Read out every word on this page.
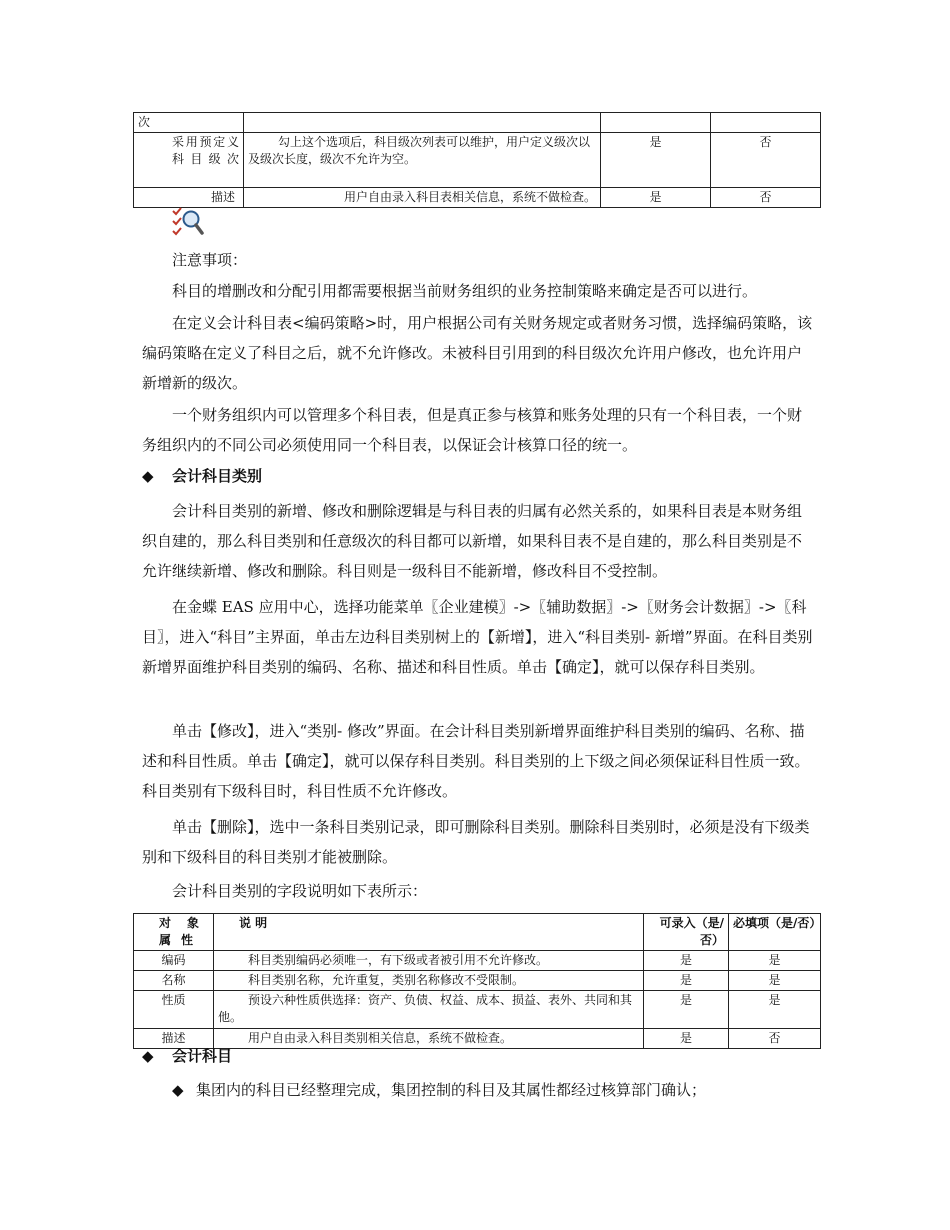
次			
采用预定义科目级次	勾上这个选项后，科目级次列表可以维护，用户定义级次以及级次长度，级次不允许为空。	是	否
描述	用户自由录入科目表相关信息，系统不做检查。	是	否
注意事项：
科目的增删改和分配引用都需要根据当前财务组织的业务控制策略来确定是否可以进行。
在定义会计科目表<编码策略>时，用户根据公司有关财务规定或者财务习惯，选择编码策略，该编码策略在定义了科目之后，就不允许修改。未被科目引用到的科目级次允许用户修改，也允许用户新增新的级次。
一个财务组织内可以管理多个科目表，但是真正参与核算和账务处理的只有一个科目表，一个财务组织内的不同公司必须使用同一个科目表，以保证会计核算口径的统一。
◆ 会计科目类别
会计科目类别的新增、修改和删除逻辑是与科目表的归属有必然关系的，如果科目表是本财务组织自建的，那么科目类别和任意级次的科目都可以新增，如果科目表不是自建的，那么科目类别是不允许继续新增、修改和删除。科目则是一级科目不能新增，修改科目不受控制。
在金蝶 EAS 应用中心，选择功能菜单〖企业建模〗->〖辅助数据〗->〖财务会计数据〗->〖科目〗，进入“科目”主界面，单击左边科目类别树上的【新增】，进入“科目类别- 新增”界面。在科目类别新增界面维护科目类别的编码、名称、描述和科目性质。单击【确定】，就可以保存科目类别。
单击【修改】，进入“类别- 修改”界面。在会计科目类别新增界面维护科目类别的编码、名称、描述和科目性质。单击【确定】，就可以保存科目类别。科目类别的上下级之间必须保证科目性质一致。科目类别有下级科目时，科目性质不允许修改。
单击【删除】，选中一条科目类别记录，即可删除科目类别。删除科目类别时，必须是没有下级类别和下级科目的科目类别才能被删除。
会计科目类别的字段说明如下表所示：
对象属性	说 明	可录入（是/否）	必填项（是/否）
编码	科目类别编码必须唯一，有下级或者被引用不允许修改。	是	是
名称	科目类别名称，允许重复，类别名称修改不受限制。	是	是
性质	预设六种性质供选择：资产、负债、权益、成本、损益、表外、共同和其他。	是	是
描述	用户自由录入科目类别相关信息，系统不做检查。	是	否
◆ 会计科目
◆ 集团内的科目已经整理完成，集团控制的科目及其属性都经过核算部门确认；
